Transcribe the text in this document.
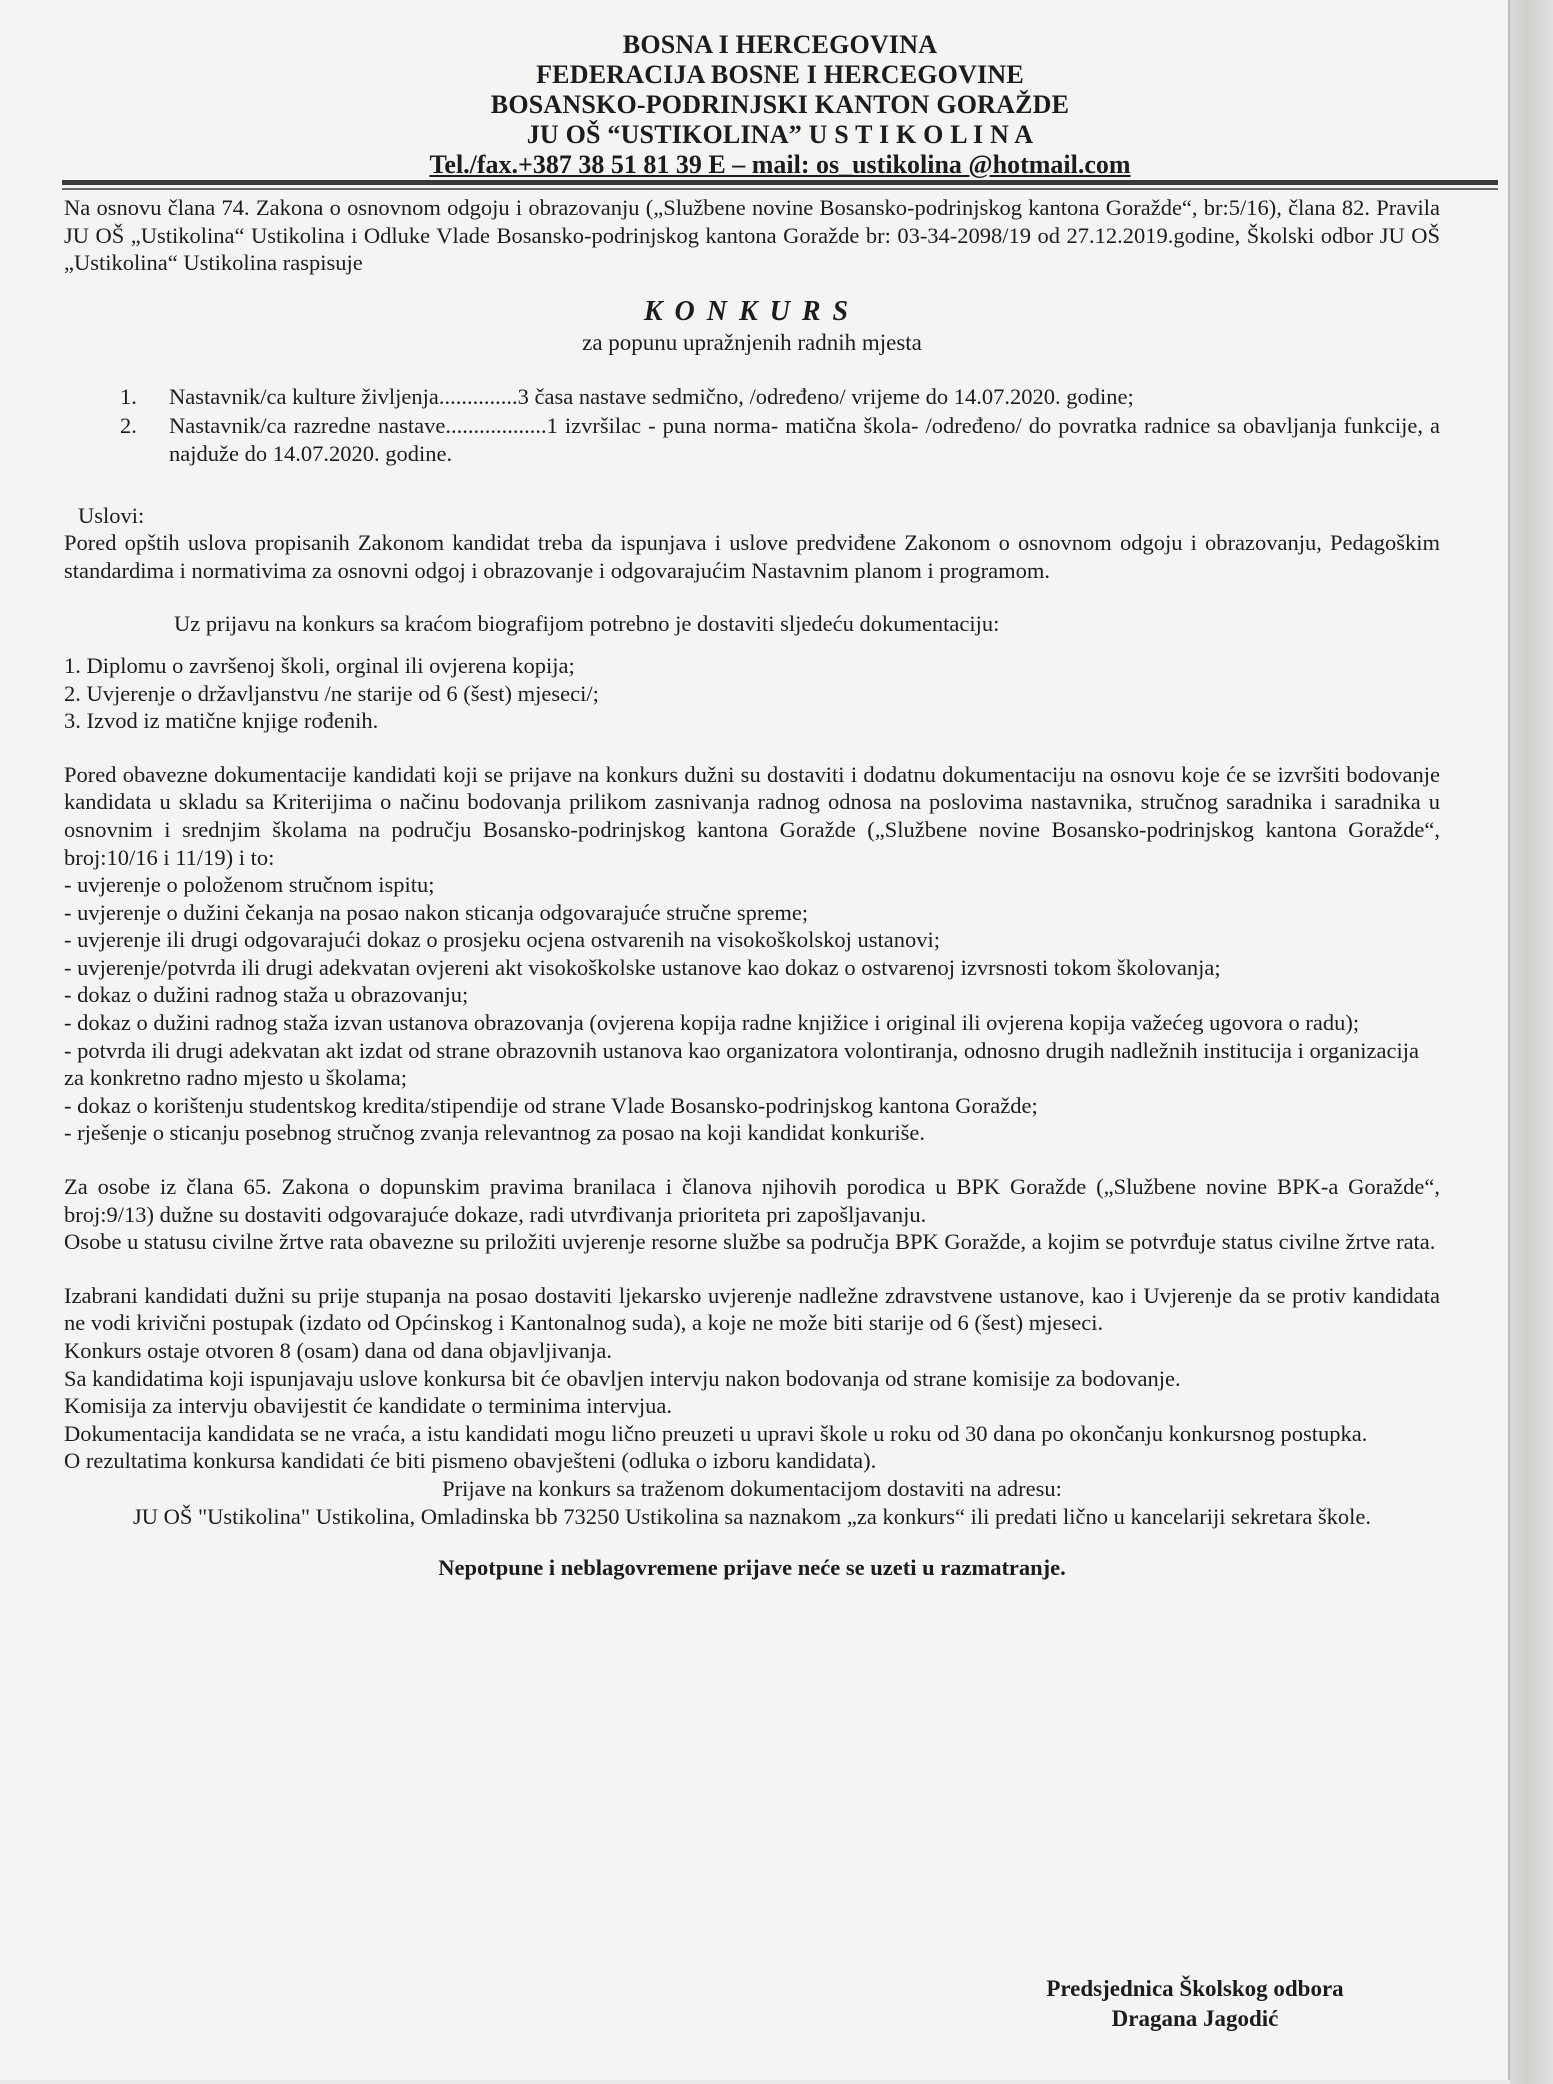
BOSNA I HERCEGOVINA
FEDERACIJA BOSNE I HERCEGOVINE
BOSANSKO-PODRINJSKI KANTON GORAŽDE
JU OŠ “USTIKOLINA” U S T I K O L I N A
Tel./fax.+387 38 51 81 39 E – mail: os_ustikolina @hotmail.com

Na osnovu člana 74. Zakona o osnovnom odgoju i obrazovanju („Službene novine Bosansko-podrinjskog kantona Goražde“, br:5/16), člana 82. Pravila JU OŠ „Ustikolina“ Ustikolina i Odluke Vlade Bosansko-podrinjskog kantona Goražde br: 03-34-2098/19 od 27.12.2019.godine, Školski odbor JU OŠ „Ustikolina“ Ustikolina raspisuje

KONKURS
za popunu upražnjenih radnih mjesta
1. Nastavnik/ca kulture življenja..............3 časa nastave sedmično, /određeno/ vrijeme do 14.07.2020. godine;
2. Nastavnik/ca razredne nastave..................1 izvršilac - puna norma- matična škola- /određeno/ do povratka radnice sa obavljanja funkcije, a najduže do 14.07.2020. godine.
Uslovi:

Pored opštih uslova propisanih Zakonom kandidat treba da ispunjava i uslove predviđene Zakonom o osnovnom odgoju i obrazovanju, Pedagoškim standardima i normativima za osnovni odgoj i obrazovanje i odgovarajućim Nastavnim planom i programom.

Uz prijavu na konkurs sa kraćom biografijom potrebno je dostaviti sljedeću dokumentaciju:

1. Diplomu o završenoj školi, orginal ili ovjerena kopija;
2. Uvjerenje o državljanstvu /ne starije od 6 (šest) mjeseci/;
3. Izvod iz matične knjige rođenih.

Pored obavezne dokumentacije kandidati koji se prijave na konkurs dužni su dostaviti i dodatnu dokumentaciju na osnovu koje će se izvršiti bodovanje kandidata u skladu sa Kriterijima o načinu bodovanja prilikom zasnivanja radnog odnosa na poslovima nastavnika, stručnog saradnika i saradnika u osnovnim i srednjim školama na području Bosansko-podrinjskog kantona Goražde („Službene novine Bosansko-podrinjskog kantona Goražde“, broj:10/16 i 11/19) i to:

- uvjerenje o položenom stručnom ispitu;
- uvjerenje o dužini čekanja na posao nakon sticanja odgovarajuće stručne spreme;
- uvjerenje ili drugi odgovarajući dokaz o prosjeku ocjena ostvarenih na visokoškolskoj ustanovi;
- uvjerenje/potvrda ili drugi adekvatan ovjereni akt visokoškolske ustanove kao dokaz o ostvarenoj izvrsnosti tokom školovanja;
- dokaz o dužini radnog staža u obrazovanju;
- dokaz o dužini radnog staža izvan ustanova obrazovanja (ovjerena kopija radne knjižice i original ili ovjerena kopija važećeg ugovora o radu);
- potvrda ili drugi adekvatan akt izdat od strane obrazovnih ustanova kao organizatora volontiranja, odnosno drugih nadležnih institucija i organizacija za konkretno radno mjesto u školama;
- dokaz o korištenju studentskog kredita/stipendije od strane Vlade Bosansko-podrinjskog kantona Goražde;
- rješenje o sticanju posebnog stručnog zvanja relevantnog za posao na koji kandidat konkuriše.

Za osobe iz člana 65. Zakona o dopunskim pravima branilaca i članova njihovih porodica u BPK Goražde („Službene novine BPK-a Goražde“, broj:9/13) dužne su dostaviti odgovarajuće dokaze, radi utvrđivanja prioriteta pri zapošljavanju.

Osobe u statusu civilne žrtve rata obavezne su priložiti uvjerenje resorne službe sa područja BPK Goražde, a kojim se potvrđuje status civilne žrtve rata.

Izabrani kandidati dužni su prije stupanja na posao dostaviti ljekarsko uvjerenje nadležne zdravstvene ustanove, kao i Uvjerenje da se protiv kandidata ne vodi krivični postupak (izdato od Općinskog i Kantonalnog suda), a koje ne može biti starije od 6 (šest) mjeseci.

Konkurs ostaje otvoren 8 (osam) dana od dana objavljivanja.

Sa kandidatima koji ispunjavaju uslove konkursa bit će obavljen intervju nakon bodovanja od strane komisije za bodovanje.

Komisija za intervju obavijestit će kandidate o terminima intervjua.

Dokumentacija kandidata se ne vraća, a istu kandidati mogu lično preuzeti u upravi škole u roku od 30 dana po okončanju konkursnog postupka.

O rezultatima konkursa kandidati će biti pismeno obavješteni (odluka o izboru kandidata).

Prijave na konkurs sa traženom dokumentacijom dostaviti na adresu:

JU OŠ "Ustikolina" Ustikolina, Omladinska bb 73250 Ustikolina sa naznakom „za konkurs“ ili predati lično u kancelariji sekretara škole.

Nepotpune i neblagovremene prijave neće se uzeti u razmatranje.

Predsjednica Školskog odbora
Dragana Jagodić
